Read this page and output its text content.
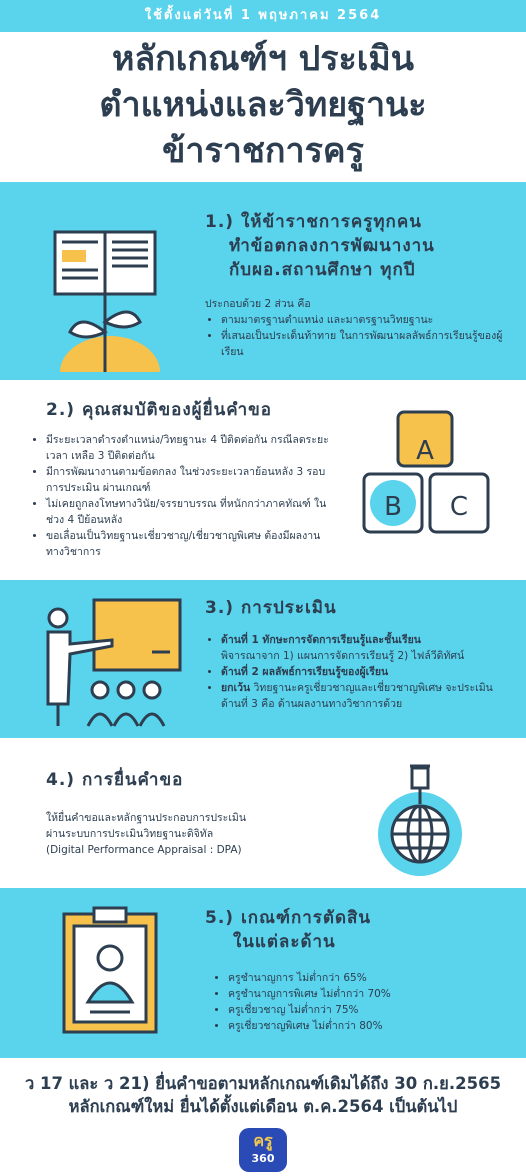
ใช้ตั้งแต่วันที่ 1 พฤษภาคม 2564
หลักเกณฑ์ฯ ประเมิน
ตำแหน่งและวิทยฐานะ
ข้าราชการครู
1.) ให้ข้าราชการครูทุกคน
ทำข้อตกลงการพัฒนางาน
กับผอ.สถานศึกษา ทุกปี
ประกอบด้วย 2 ส่วน คือ
• ตามมาตรฐานตำแหน่ง และมาตรฐานวิทยฐานะ
• ที่เสนอเป็นประเด็นท้าทาย ในการพัฒนาผลลัพธ์การเรียนรู้ของผู้เรียน
2.) คุณสมบัติของผู้ยื่นคำขอ
• มีระยะเวลาดำรงตำแหน่ง/วิทยฐานะ 4 ปีติดต่อกัน กรณีลดระยะเวลา เหลือ 3 ปีติดต่อกัน
• มีการพัฒนางานตามข้อตกลง ในช่วงระยะเวลาย้อนหลัง 3 รอบการประเมิน ผ่านเกณฑ์
• ไม่เคยถูกลงโทษทางวินัย/จรรยาบรรณ ที่หนักกว่าภาคทัณฑ์ ในช่วง 4 ปีย้อนหลัง
• ขอเลื่อนเป็นวิทยฐานะเชี่ยวชาญ/เชี่ยวชาญพิเศษ ต้องมีผลงานทางวิชาการ
A
B	C
3.) การประเมิน
• ด้านที่ 1 ทักษะการจัดการเรียนรู้และชั้นเรียน
พิจารณาจาก 1) แผนการจัดการเรียนรู้ 2) ไฟล์วีดิทัศน์
• ด้านที่ 2 ผลลัพธ์การเรียนรู้ของผู้เรียน
• ยกเว้น วิทยฐานะครูเชี่ยวชาญและเชี่ยวชาญพิเศษ จะประเมินด้านที่ 3 คือ ด้านผลงานทางวิชาการด้วย
4.) การยื่นคำขอ
ให้ยื่นคำขอและหลักฐานประกอบการประเมิน
ผ่านระบบการประเมินวิทยฐานะดิจิทัล
(Digital Performance Appraisal : DPA)
5.) เกณฑ์การตัดสิน
ในแต่ละด้าน
• ครูชำนาญการ ไม่ต่ำกว่า 65%
• ครูชำนาญการพิเศษ ไม่ต่ำกว่า 70%
• ครูเชี่ยวชาญ ไม่ต่ำกว่า 75%
• ครูเชี่ยวชาญพิเศษ ไม่ต่ำกว่า 80%
ว 17 และ ว 21) ยื่นคำขอตามหลักเกณฑ์เดิมได้ถึง 30 ก.ย.2565
หลักเกณฑ์ใหม่ ยื่นได้ตั้งแต่เดือน ต.ค.2564 เป็นต้นไป
ครู
360
